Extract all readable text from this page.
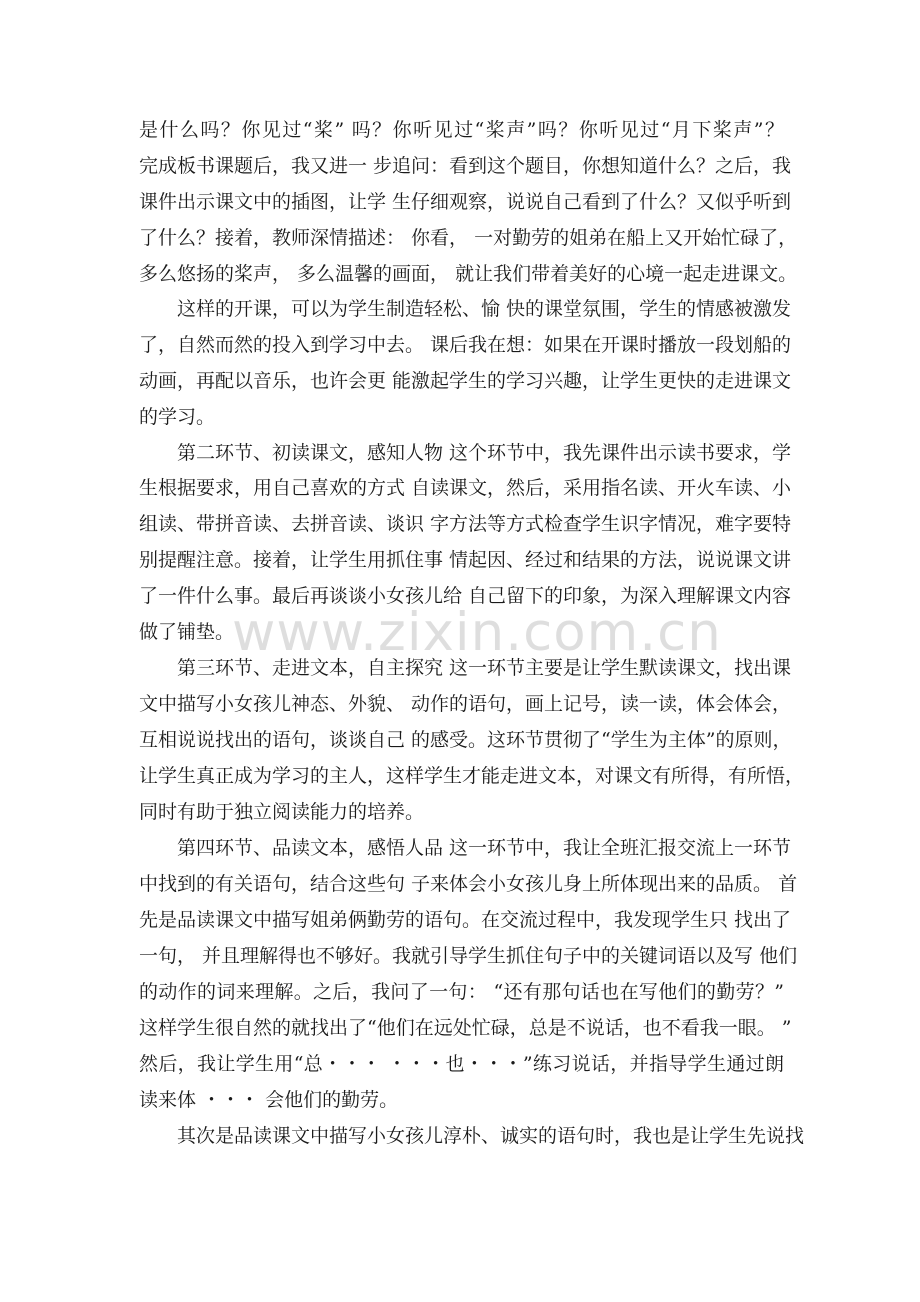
www.zixin.com.cn
是什么吗？你见过“桨” 吗？你听见过“桨声”吗？你听见过“月下桨声”？
完成板书课题后，我又进一 步追问：看到这个题目，你想知道什么？之后，我
课件出示课文中的插图，让学 生仔细观察，说说自己看到了什么？又似乎听到
了什么？接着，教师深情描述： 你看， 一对勤劳的姐弟在船上又开始忙碌了，
多么悠扬的桨声， 多么温馨的画面， 就让我们带着美好的心境一起走进课文。
这样的开课，可以为学生制造轻松、愉 快的课堂氛围，学生的情感被激发
了，自然而然的投入到学习中去。 课后我在想：如果在开课时播放一段划船的
动画，再配以音乐，也许会更 能激起学生的学习兴趣，让学生更快的走进课文
的学习。
第二环节、初读课文，感知人物 这个环节中，我先课件出示读书要求，学
生根据要求，用自己喜欢的方式 自读课文，然后，采用指名读、开火车读、小
组读、带拼音读、去拼音读、谈识 字方法等方式检查学生识字情况，难字要特
别提醒注意。接着，让学生用抓住事 情起因、经过和结果的方法，说说课文讲
了一件什么事。最后再谈谈小女孩儿给 自己留下的印象，为深入理解课文内容
做了铺垫。
第三环节、走进文本，自主探究 这一环节主要是让学生默读课文，找出课
文中描写小女孩儿神态、外貌、 动作的语句，画上记号，读一读，体会体会，
互相说说找出的语句，谈谈自己 的感受。这环节贯彻了“学生为主体”的原则，
让学生真正成为学习的主人，这样学生才能走进文本，对课文有所得，有所悟，
同时有助于独立阅读能力的培养。
第四环节、品读文本，感悟人品 这一环节中，我让全班汇报交流上一环节
中找到的有关语句，结合这些句 子来体会小女孩儿身上所体现出来的品质。 首
先是品读课文中描写姐弟俩勤劳的语句。在交流过程中，我发现学生只 找出了
一句， 并且理解得也不够好。我就引导学生抓住句子中的关键词语以及写 他们
的动作的词来理解。之后，我问了一句： “还有那句话也在写他们的勤劳？”
这样学生很自然的就找出了“他们在远处忙碌，总是不说话，也不看我一眼。 ”
然后，我让学生用“总・・・ ・・・也・・・”练习说话，并指导学生通过朗
读来体 ・・・ 会他们的勤劳。
其次是品读课文中描写小女孩儿淳朴、诚实的语句时，我也是让学生先说找
